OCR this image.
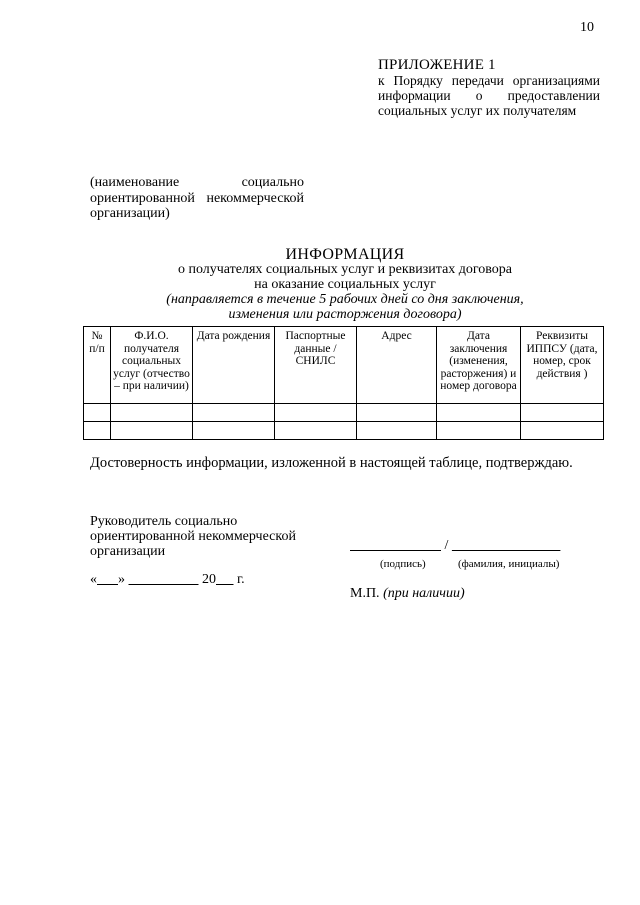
10
ПРИЛОЖЕНИЕ 1
к Порядку передачи организациями информации о предоставлении социальных услуг их получателям
(наименование социально ориентированной некоммерческой организации)
ИНФОРМАЦИЯ
о получателях социальных услуг и реквизитах договора
на оказание социальных услуг
(направляется в течение 5 рабочих дней со дня заключения,
изменения или расторжения договора)
№ п/п	Ф.И.О. получателя социальных услуг (отчество – при наличии)	Дата рождения	Паспортные данные / СНИЛС	Адрес	Дата заключения (изменения, расторжения) и номер договора	Реквизиты ИППСУ (дата, номер, срок действия )

Достоверность информации, изложенной в настоящей таблице, подтверждаю.
Руководитель социально ориентированной некоммерческой организации	/
(подпись)	(фамилия, инициалы)
« »	20 г.
М.П. (при наличии)
